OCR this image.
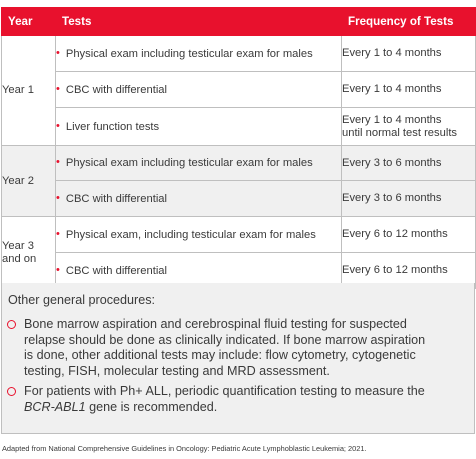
Year	Tests	Frequency of Tests
Year 1	• Physical exam including testicular exam for males	Every 1 to 4 months
	• CBC with differential	Every 1 to 4 months
	• Liver function tests	Every 1 to 4 months
until normal test results
Year 2	• Physical exam including testicular exam for males	Every 3 to 6 months
	• CBC with differential	Every 3 to 6 months
Year 3
and on	• Physical exam, including testicular exam for males	Every 6 to 12 months
	• CBC with differential	Every 6 to 12 months
Other general procedures:
Bone marrow aspiration and cerebrospinal fluid testing for suspected
relapse should be done as clinically indicated. If bone marrow aspiration
is done, other additional tests may include: flow cytometry, cytogenetic
testing, FISH, molecular testing and MRD assessment.
For patients with Ph+ ALL, periodic quantification testing to measure the
BCR-ABL1 gene is recommended.
Adapted from National Comprehensive Guidelines in Oncology: Pediatric Acute Lymphoblastic Leukemia; 2021.
